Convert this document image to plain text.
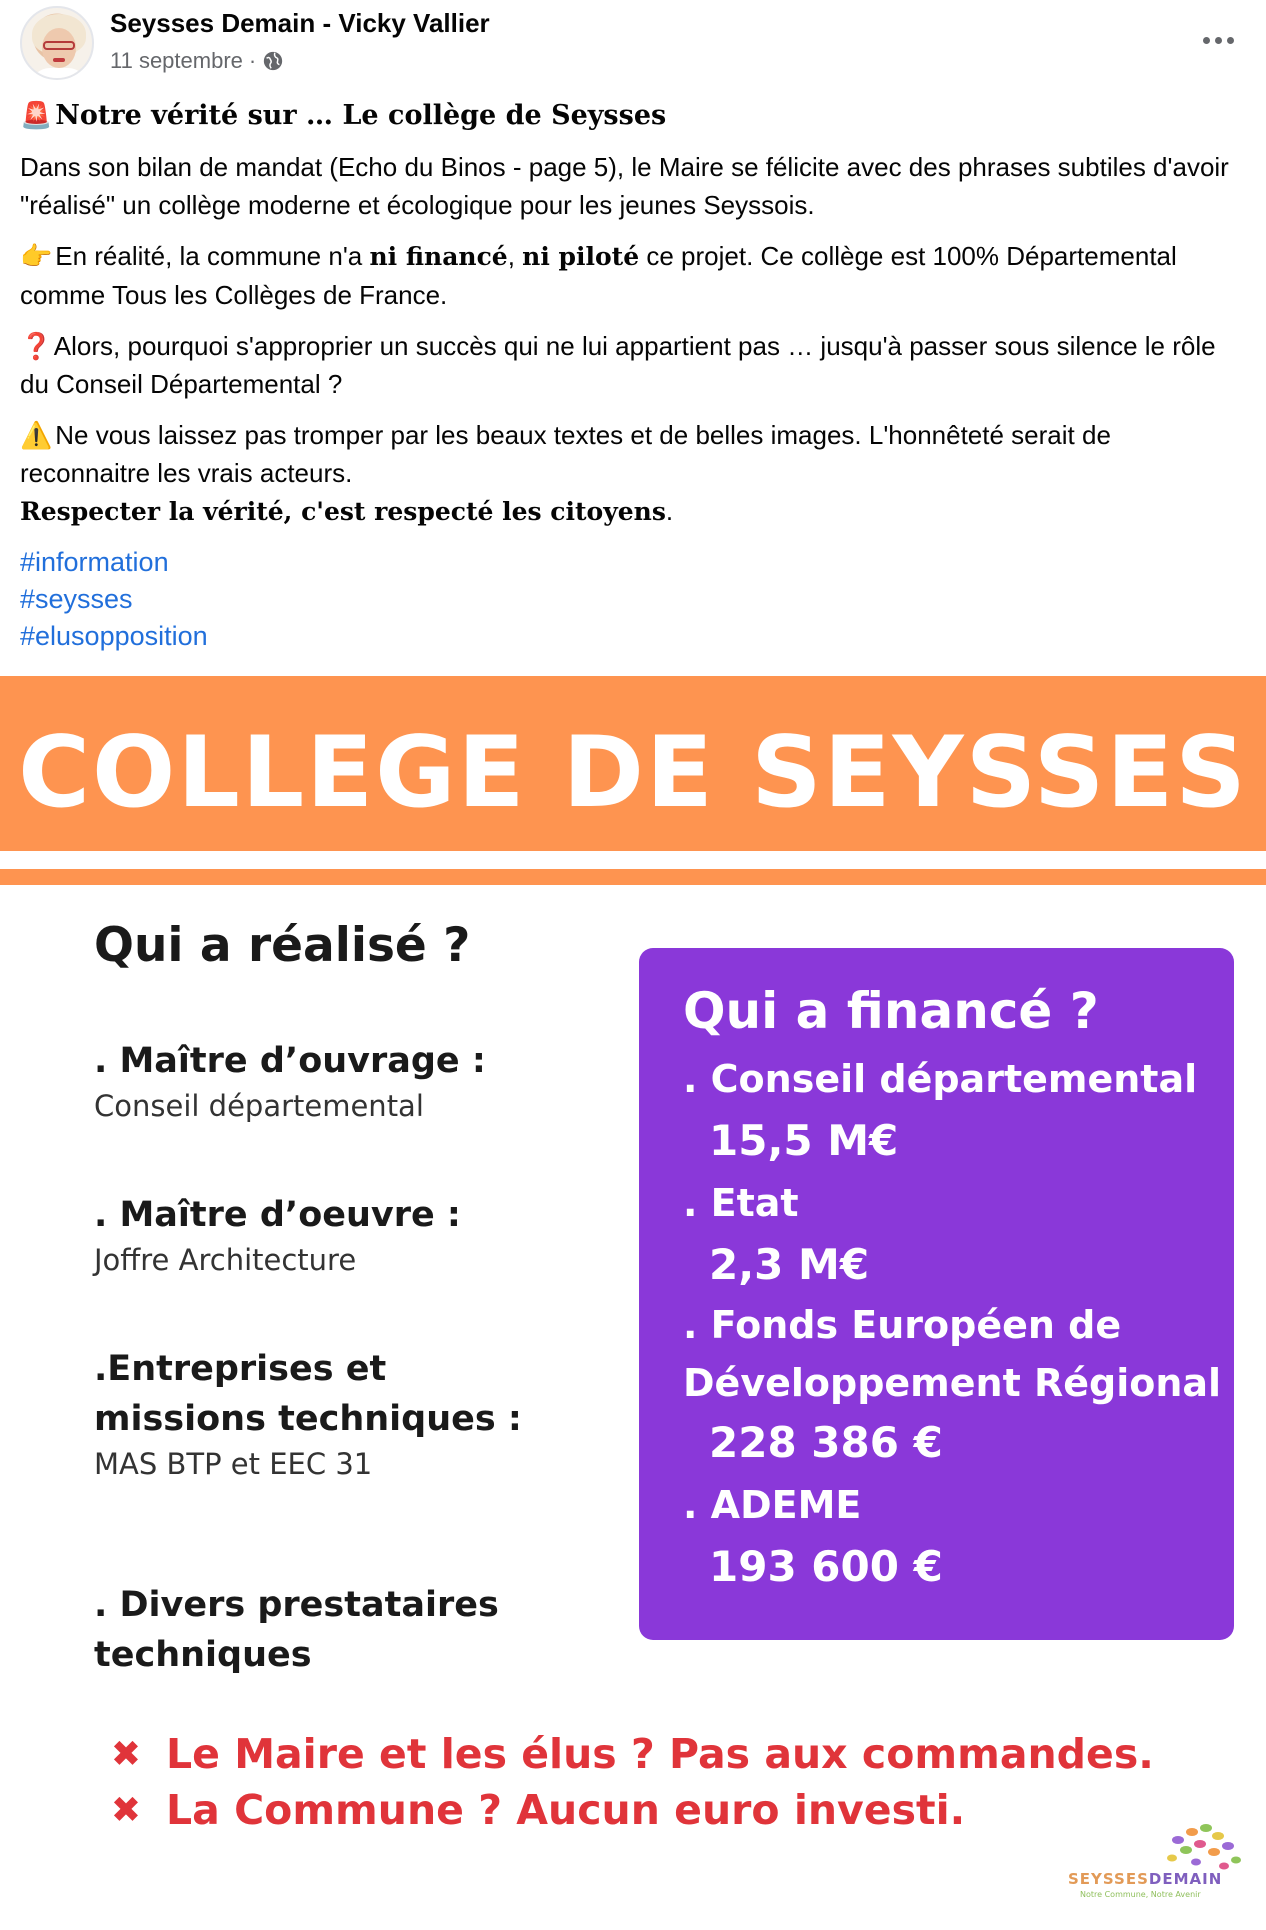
Seysses Demain - Vicky Vallier
11 septembre ·

🚨 Notre vérité sur … Le collège de Seysses

Dans son bilan de mandat (Echo du Binos - page 5), le Maire se félicite avec des phrases subtiles d'avoir "réalisé" un collège moderne et écologique pour les jeunes Seyssois.

👉 En réalité, la commune n'a ni financé, ni piloté ce projet. Ce collège est 100% Départemental comme Tous les Collèges de France.

❓ Alors, pourquoi s'approprier un succès qui ne lui appartient pas … jusqu'à passer sous silence le rôle du Conseil Départemental ?

⚠️ Ne vous laissez pas tromper par les beaux textes et de belles images. L'honnêteté serait de reconnaitre les vrais acteurs.

Respecter la vérité, c'est respecté les citoyens.

#information
#seysses
#elusopposition
COLLEGE DE SEYSSES
Qui a réalisé ?
. Maître d’ouvrage :
Conseil départemental
. Maître d’oeuvre :
Joffre Architecture
.Entreprises et missions techniques :
MAS BTP et EEC 31
. Divers prestataires techniques
Qui a financé ?
. Conseil départemental
15,5 M€
. Etat
2,3 M€
. Fonds Européen de Développement Régional
228 386 €
. ADEME
193 600 €
✖ Le Maire et les élus ? Pas aux commandes.
✖ La Commune ? Aucun euro investi.
SEYSSESDEMAIN
Notre Commune, Notre Avenir
